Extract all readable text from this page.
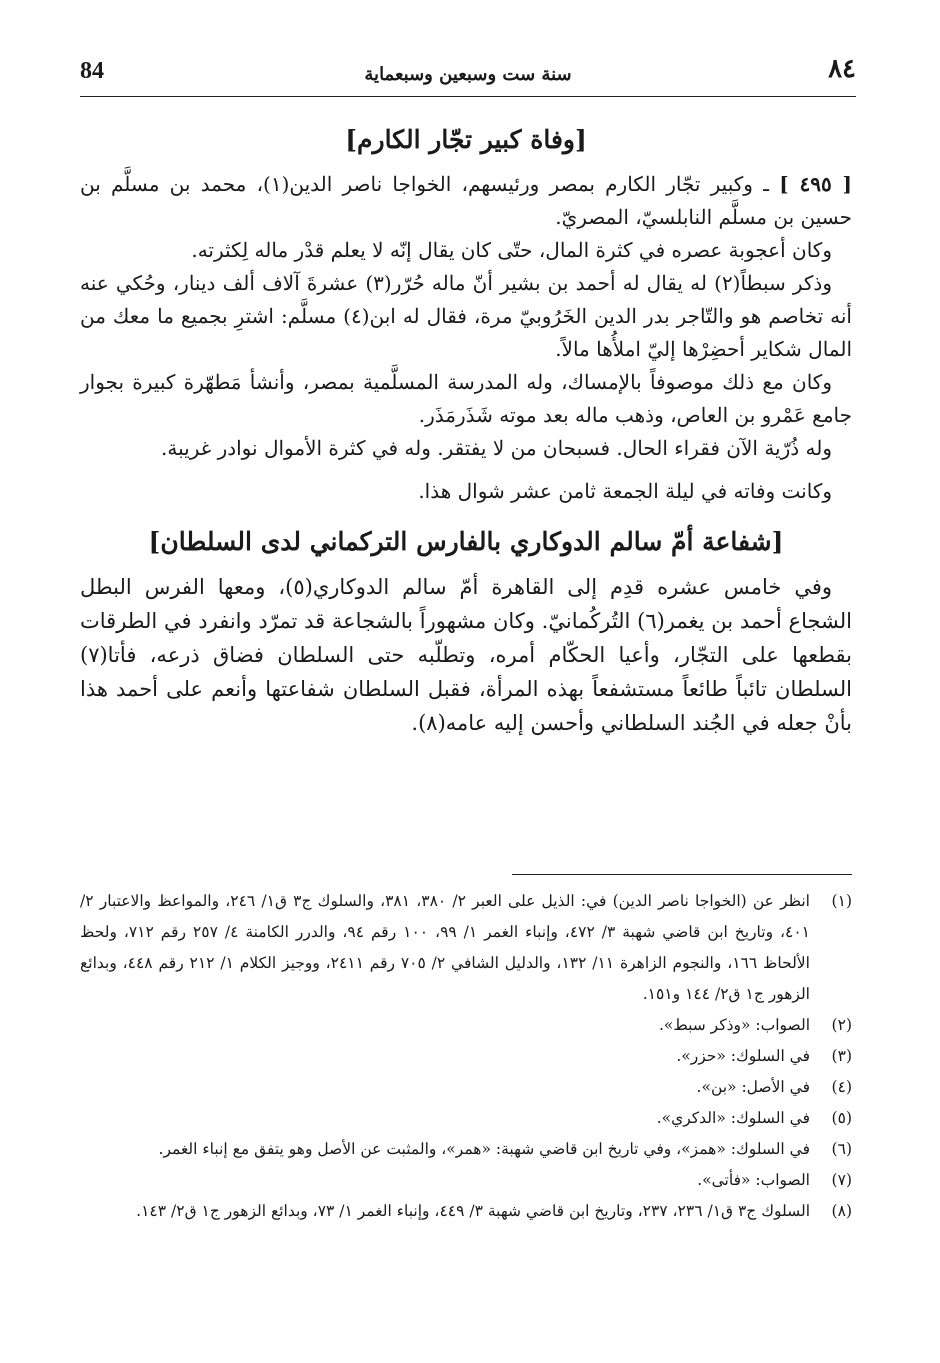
84	سنة ست وسبعين وسبعماية	٨٤
[وفاة كبير تجّار الكارم]

[ ٤٩٥ ] ـ وكبير تجّار الكارم بمصر ورئيسهم، الخواجا ناصر الدين(١)، محمد بن مسلَّم بن حسين بن مسلَّم النابلسيّ، المصريّ.

وكان أعجوبة عصره في كثرة المال، حتّى كان يقال إنّه لا يعلم قدْر ماله لِكثرته.

وذكر سبطاً(٢) له يقال له أحمد بن بشير أنّ ماله حُرّر(٣) عشرةَ آلاف ألف دينار، وحُكي عنه أنه تخاصم هو والتّاجر بدر الدين الخَرُوبيّ مرة، فقال له ابن(٤) مسلَّم: اشترِ بجميع ما معك من المال شكاير أحضِرْها إليّ املأُها مالاً.

وكان مع ذلك موصوفاً بالإمساك، وله المدرسة المسلَّمية بمصر، وأنشأ مَطهّرة كبيرة بجوار جامع عَمْرو بن العاص، وذهب ماله بعد موته شَذَرمَذَر.

وله ذُرّية الآن فقراء الحال. فسبحان من لا يفتقر. وله في كثرة الأموال نوادر غريبة.

وكانت وفاته في ليلة الجمعة ثامن عشر شوال هذا.

[شفاعة أمّ سالم الدوكاري بالفارس التركماني لدى السلطان]

وفي خامس عشره قدِم إلى القاهرة أمّ سالم الدوكاري(٥)، ومعها الفرس البطل الشجاع أحمد بن يغمر(٦) التُركُمانيّ. وكان مشهوراً بالشجاعة قد تمرّد وانفرد في الطرقات بقطعها على التجّار، وأعيا الحكّام أمره، وتطلّبه حتى السلطان فضاق ذرعه، فأتا(٧) السلطان تائباً طائعاً مستشفعاً بهذه المرأة، فقبل السلطان شفاعتها وأنعم على أحمد هذا بأنْ جعله في الجُند السلطاني وأحسن إليه عامه(٨).

(١)
انظر عن (الخواجا ناصر الدين) في: الذيل على العبر ٢/ ٣٨٠، ٣٨١، والسلوك ج٣ ق١/ ٢٤٦، والمواعظ والاعتبار ٢/ ٤٠١، وتاريخ ابن قاضي شهبة ٣/ ٤٧٢، وإنباء الغمر ١/ ٩٩، ١٠٠ رقم ٩٤، والدرر الكامنة ٤/ ٢٥٧ رقم ٧١٢، ولحظ الألحاظ ١٦٦، والنجوم الزاهرة ١١/ ١٣٢، والدليل الشافي ٢/ ٧٠٥ رقم ٢٤١١، ووجيز الكلام ١/ ٢١٢ رقم ٤٤٨، وبدائع الزهور ج١ ق٢/ ١٤٤ و١٥١.
(٢)
الصواب: «وذكر سبط».
(٣)
في السلوك: «حزر».
(٤)
في الأصل: «بن».
(٥)
في السلوك: «الدكري».
(٦)
في السلوك: «همز»، وفي تاريخ ابن قاضي شهبة: «همر»، والمثبت عن الأصل وهو يتفق مع إنباء الغمر.
(٧)
الصواب: «فأتى».
(٨)
السلوك ج٣ ق١/ ٢٣٦، ٢٣٧، وتاريخ ابن قاضي شهبة ٣/ ٤٤٩، وإنباء الغمر ١/ ٧٣، وبدائع الزهور ج١ ق٢/ ١٤٣.
